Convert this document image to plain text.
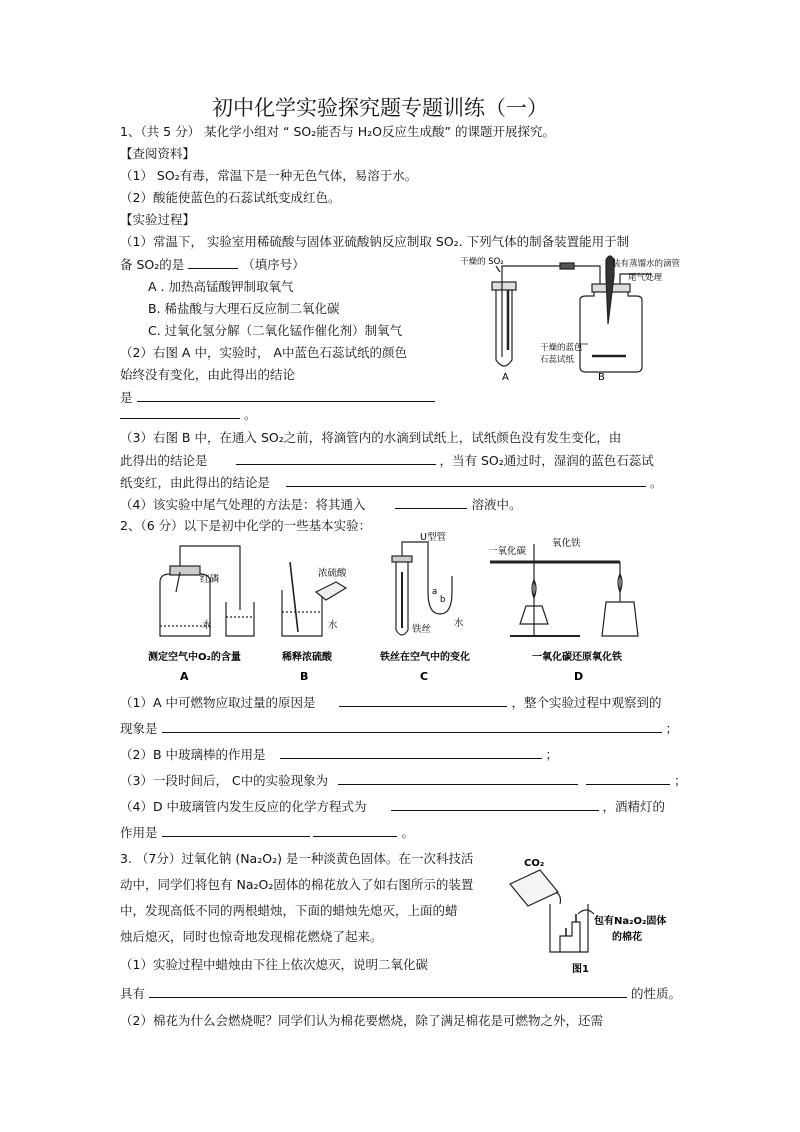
初中化学实验探究题专题训练（一）
1、（共 5 分） 某化学小组对 “ SO₂能否与 H₂O反应生成酸” 的课题开展探究。
【查阅资料】
（1） SO₂有毒，常温下是一种无色气体，易溶于水。
（2）酸能使蓝色的石蕊试纸变成红色。
【实验过程】
（1）常温下， 实验室用稀硫酸与固体亚硫酸钠反应制取 SO₂. 下列气体的制备装置能用于制
备 SO₂的是	（填序号）
A . 加热高锰酸钾制取氧气
B. 稀盐酸与大理石反应制二氧化碳
C. 过氧化氢分解（二氧化锰作催化剂）制氧气
（2）右图 A 中，实验时， A中蓝色石蕊试纸的颜色
始终没有变化，由此得出的结论
是
。
（3）右图 B 中，在通入 SO₂之前，将滴管内的水滴到试纸上，试纸颜色没有发生变化，由
此得出的结论是	，当有 SO₂通过时，湿润的蓝色石蕊试
纸变红，由此得出的结论是	。
（4）该实验中尾气处理的方法是：将其通入	溶液中。
干燥的 SO₂	装有蒸馏水的滴管
尾气处理
干燥的蓝色
石蕊试纸
A	B
2、（6 分）以下是初中化学的一些基本实验：
红磷
水
浓硫酸
水
U型管
a
b
铁丝
水
一氧化碳
氧化铁
测定空气中O₂的含量	稀释浓硫酸	铁丝在空气中的变化	一氧化碳还原氧化铁
A	B	C	D
（1）A 中可燃物应取过量的原因是	，整个实验过程中观察到的
现象是	；
（2）B 中玻璃棒的作用是	；
（3）一段时间后， C中的实验现象为	；
（4）D 中玻璃管内发生反应的化学方程式为	，酒精灯的
作用是	。
3. （7分）过氧化钠 (Na₂O₂) 是一种淡黄色固体。在一次科技活
动中，同学们将包有 Na₂O₂固体的棉花放入了如右图所示的装置
中，发现高低不同的两根蜡烛，下面的蜡烛先熄灭，上面的蜡
烛后熄灭，同时也惊奇地发现棉花燃烧了起来。
（1）实验过程中蜡烛由下往上依次熄灭，说明二氧化碳
具有	的性质。
（2）棉花为什么会燃烧呢？同学们认为棉花要燃烧，除了满足棉花是可燃物之外，还需
CO₂
包有Na₂O₂固体
的棉花
图1
